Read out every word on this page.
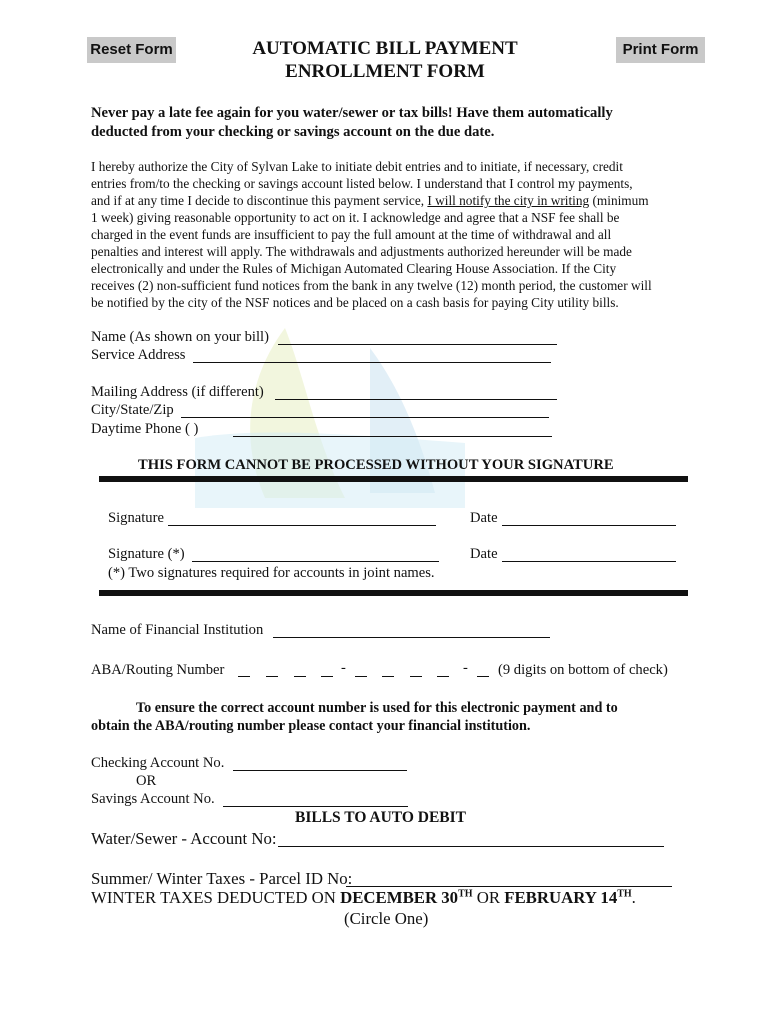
Reset Form	Print Form
AUTOMATIC BILL PAYMENT
ENROLLMENT FORM
Never pay a late fee again for you water/sewer or tax bills! Have them automatically
deducted from your checking or savings account on the due date.
I hereby authorize the City of Sylvan Lake to initiate debit entries and to initiate, if necessary, credit
entries from/to the checking or savings account listed below. I understand that I control my payments,
and if at any time I decide to discontinue this payment service, I will notify the city in writing (minimum
1 week) giving reasonable opportunity to act on it. I acknowledge and agree that a NSF fee shall be
charged in the event funds are insufficient to pay the full amount at the time of withdrawal and all
penalties and interest will apply. The withdrawals and adjustments authorized hereunder will be made
electronically and under the Rules of Michigan Automated Clearing House Association. If the City
receives (2) non-sufficient fund notices from the bank in any twelve (12) month period, the customer will
be notified by the city of the NSF notices and be placed on a cash basis for paying City utility bills.
Name (As shown on your bill)
Service Address
Mailing Address (if different)
City/State/Zip
Daytime Phone ( )
THIS FORM CANNOT BE PROCESSED WITHOUT YOUR SIGNATURE
Signature	Date
Signature (*)	Date
(*) Two signatures required for accounts in joint names.
Name of Financial Institution
ABA/Routing Number	-	- (9 digits on bottom of check)
To ensure the correct account number is used for this electronic payment and to
obtain the ABA/routing number please contact your financial institution.
Checking Account No.
OR
Savings Account No.
BILLS TO AUTO DEBIT
Water/Sewer - Account No:
Summer/ Winter Taxes - Parcel ID No:
WINTER TAXES DEDUCTED ON DECEMBER 30TH OR FEBRUARY 14TH.
(Circle One)
